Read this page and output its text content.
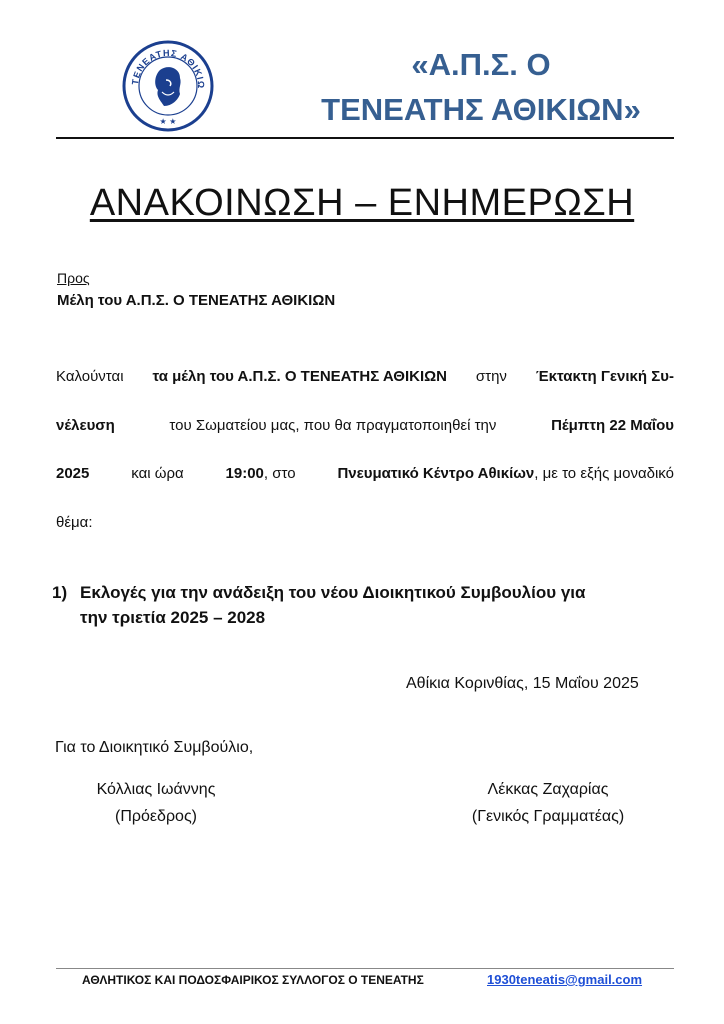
ΤΕΝΕΑΤΗΣ ΑΘΙΚΙΩ
★ ★
«Α.Π.Σ. Ο
ΤΕΝΕΑΤΗΣ ΑΘΙΚΙΩΝ»
ΑΝΑΚΟΙΝΩΣΗ – ΕΝΗΜΕΡΩΣΗ
Προς
Μέλη του Α.Π.Σ. Ο ΤΕΝΕΑΤΗΣ ΑΘΙΚΙΩΝ
Καλούνται τα μέλη του Α.Π.Σ. Ο ΤΕΝΕΑΤΗΣ ΑΘΙΚΙΩΝ στην Έκτακτη Γενική Συ-
νέλευση	του Σωματείου μας, που θα πραγματοποιηθεί την	Πέμπτη 22 Μαΐου
2025	και ώρα	19:00, στο	Πνευματικό Κέντρο Αθικίων, με το εξής μοναδικό
θέμα:
1) Εκλογές για την ανάδειξη του νέου Διοικητικού Συμβουλίου για
την τριετία 2025 – 2028
Αθίκια Κορινθίας, 15 Μαΐου 2025
Για το Διοικητικό Συμβούλιο,
Κόλλιας Ιωάννης
(Πρόεδρος)
Λέκκας Ζαχαρίας
(Γενικός Γραμματέας)
ΑΘΛΗΤΙΚΟΣ ΚΑΙ ΠΟΔΟΣΦΑΙΡΙΚΟΣ ΣΥΛΛΟΓΟΣ Ο ΤΕΝΕΑΤΗΣ	1930teneatis@gmail.com
